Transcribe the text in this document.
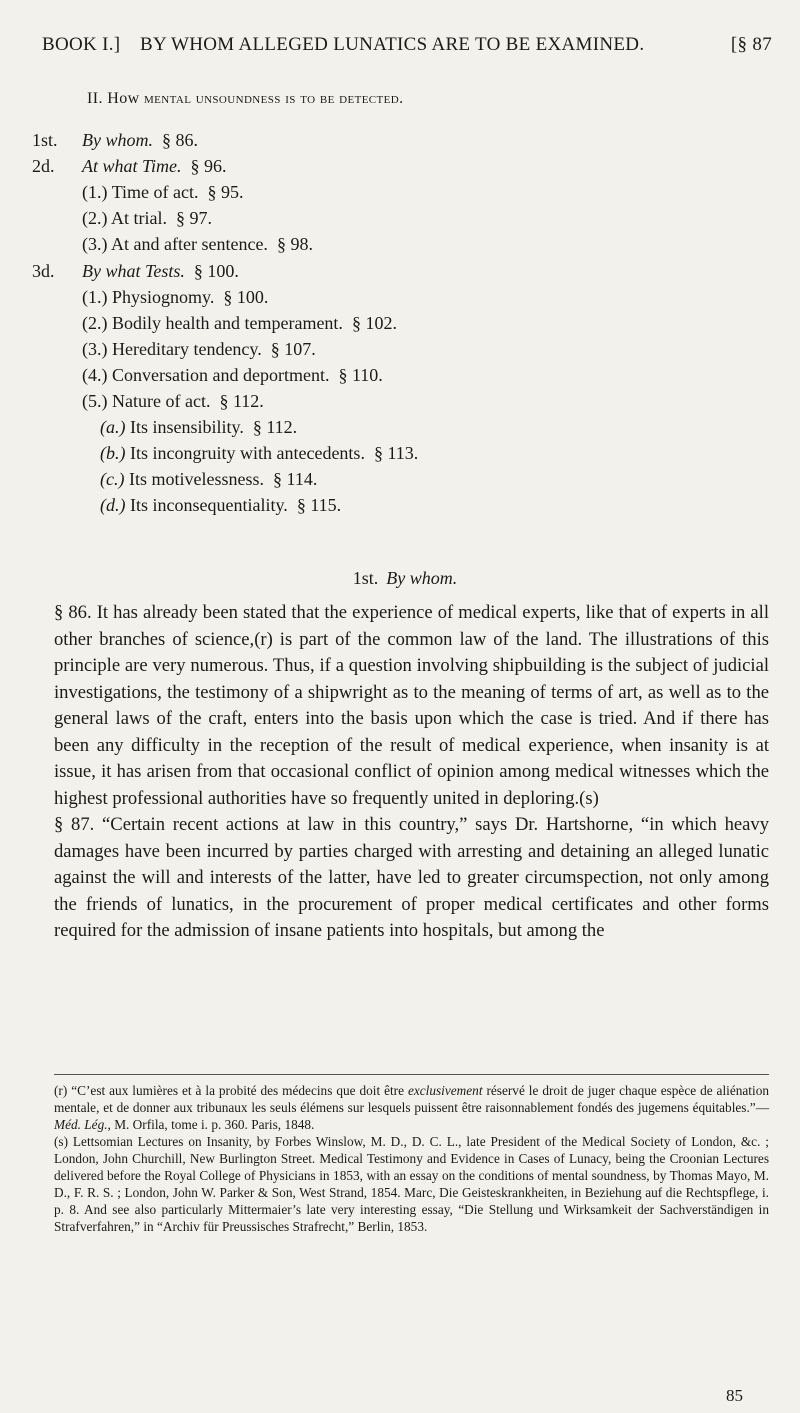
BOOK I.] BY WHOM ALLEGED LUNATICS ARE TO BE EXAMINED.	[§ 87
II. How mental unsoundness is to be detected.
1st. By whom. § 86.
2d. At what Time. § 96.
(1.) Time of act. § 95.
(2.) At trial. § 97.
(3.) At and after sentence. § 98.
3d. By what Tests. § 100.
(1.) Physiognomy. § 100.
(2.) Bodily health and temperament. § 102.
(3.) Hereditary tendency. § 107.
(4.) Conversation and deportment. § 110.
(5.) Nature of act. § 112.
(a.) Its insensibility. § 112.
(b.) Its incongruity with antecedents. § 113.
(c.) Its motivelessness. § 114.
(d.) Its inconsequentiality. § 115.
1st. By whom.

§ 86. It has already been stated that the experience of medical experts, like that of experts in all other branches of science,(r) is part of the common law of the land. The illustrations of this principle are very numerous. Thus, if a question involving shipbuilding is the subject of judicial investigations, the testimony of a shipwright as to the meaning of terms of art, as well as to the general laws of the craft, enters into the basis upon which the case is tried. And if there has been any difficulty in the reception of the result of medical experience, when insanity is at issue, it has arisen from that occasional conflict of opinion among medical witnesses which the highest professional authorities have so frequently united in deploring.(s)

§ 87. “Certain recent actions at law in this country,” says Dr. Hartshorne, “in which heavy damages have been incurred by parties charged with arresting and detaining an alleged lunatic against the will and interests of the latter, have led to greater circumspection, not only among the friends of lunatics, in the procurement of proper medical certificates and other forms required for the admission of insane patients into hospitals, but among the

(r) “C’est aux lumières et à la probité des médecins que doit être exclusivement réservé le droit de juger chaque espèce de aliénation mentale, et de donner aux tribunaux les seuls élémens sur lesquels puissent être raisonnablement fondés des jugemens équitables.”—Méd. Lég., M. Orfila, tome i. p. 360. Paris, 1848.

(s) Lettsomian Lectures on Insanity, by Forbes Winslow, M. D., D. C. L., late President of the Medical Society of London, &c. ; London, John Churchill, New Burlington Street. Medical Testimony and Evidence in Cases of Lunacy, being the Croonian Lectures delivered before the Royal College of Physicians in 1853, with an essay on the conditions of mental soundness, by Thomas Mayo, M. D., F. R. S. ; London, John W. Parker & Son, West Strand, 1854. Marc, Die Geisteskrankheiten, in Beziehung auf die Rechtspflege, i. p. 8. And see also particularly Mittermaier’s late very interesting essay, “Die Stellung und Wirksamkeit der Sachverständigen in Strafverfahren,” in “Archiv für Preussisches Strafrecht,” Berlin, 1853.

85
